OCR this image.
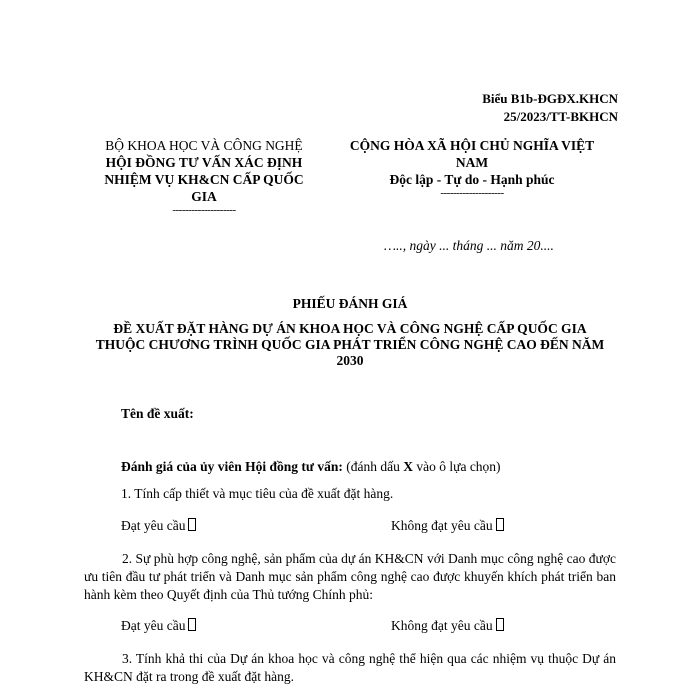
Biểu B1b-ĐGĐX.KHCN
25/2023/TT-BKHCN
BỘ KHOA HỌC VÀ CÔNG NGHỆ
HỘI ĐỒNG TƯ VẤN XÁC ĐỊNH
NHIỆM VỤ KH&CN CẤP QUỐC
GIA
--------------------
CỘNG HÒA XÃ HỘI CHỦ NGHĨA VIỆT
NAM
Độc lập - Tự do - Hạnh phúc
--------------------
….., ngày ... tháng ... năm 20....
PHIẾU ĐÁNH GIÁ
ĐỀ XUẤT ĐẶT HÀNG DỰ ÁN KHOA HỌC VÀ CÔNG NGHỆ CẤP QUỐC GIA
THUỘC CHƯƠNG TRÌNH QUỐC GIA PHÁT TRIỂN CÔNG NGHỆ CAO ĐẾN NĂM
2030
Tên đề xuất:
Đánh giá của ủy viên Hội đồng tư vấn: (đánh dấu X vào ô lựa chọn)
1. Tính cấp thiết và mục tiêu của đề xuất đặt hàng.
Đạt yêu cầu	Không đạt yêu cầu
2. Sự phù hợp công nghệ, sản phẩm của dự án KH&CN với Danh mục công nghệ cao được ưu tiên đầu tư phát triển và Danh mục sản phẩm công nghệ cao được khuyến khích phát triển ban hành kèm theo Quyết định của Thủ tướng Chính phủ:
Đạt yêu cầu	Không đạt yêu cầu
3. Tính khả thi của Dự án khoa học và công nghệ thể hiện qua các nhiệm vụ thuộc Dự án KH&CN đặt ra trong đề xuất đặt hàng.
